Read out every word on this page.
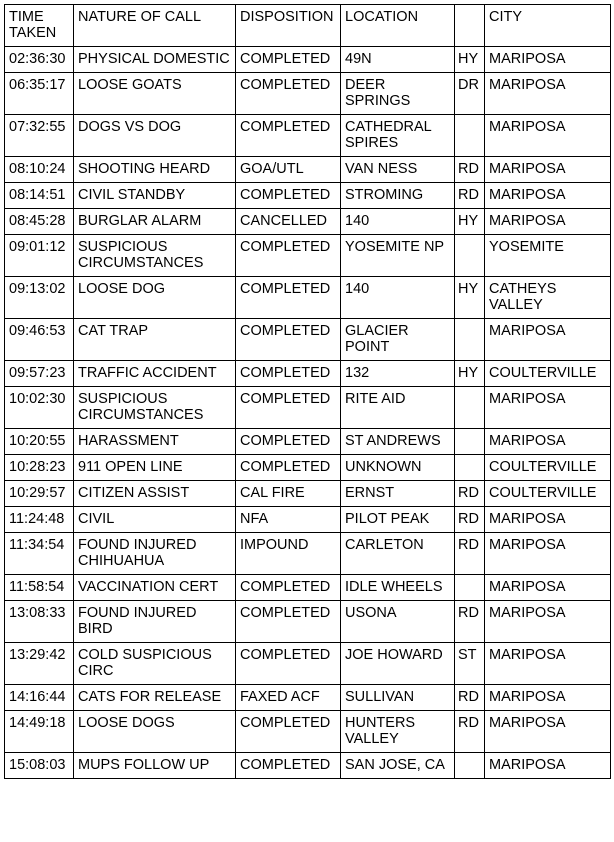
TIME TAKEN	NATURE OF CALL	DISPOSITION	LOCATION		CITY
02:36:30	PHYSICAL DOMESTIC	COMPLETED	49N	HY	MARIPOSA
06:35:17	LOOSE GOATS	COMPLETED	DEER SPRINGS	DR	MARIPOSA
07:32:55	DOGS VS DOG	COMPLETED	CATHEDRAL SPIRES		MARIPOSA
08:10:24	SHOOTING HEARD	GOA/UTL	VAN NESS	RD	MARIPOSA
08:14:51	CIVIL STANDBY	COMPLETED	STROMING	RD	MARIPOSA
08:45:28	BURGLAR ALARM	CANCELLED	140	HY	MARIPOSA
09:01:12	SUSPICIOUS CIRCUMSTANCES	COMPLETED	YOSEMITE NP		YOSEMITE
09:13:02	LOOSE DOG	COMPLETED	140	HY	CATHEYS VALLEY
09:46:53	CAT TRAP	COMPLETED	GLACIER POINT		MARIPOSA
09:57:23	TRAFFIC ACCIDENT	COMPLETED	132	HY	COULTERVILLE
10:02:30	SUSPICIOUS CIRCUMSTANCES	COMPLETED	RITE AID		MARIPOSA
10:20:55	HARASSMENT	COMPLETED	ST ANDREWS		MARIPOSA
10:28:23	911 OPEN LINE	COMPLETED	UNKNOWN		COULTERVILLE
10:29:57	CITIZEN ASSIST	CAL FIRE	ERNST	RD	COULTERVILLE
11:24:48	CIVIL	NFA	PILOT PEAK	RD	MARIPOSA
11:34:54	FOUND INJURED CHIHUAHUA	IMPOUND	CARLETON	RD	MARIPOSA
11:58:54	VACCINATION CERT	COMPLETED	IDLE WHEELS		MARIPOSA
13:08:33	FOUND INJURED BIRD	COMPLETED	USONA	RD	MARIPOSA
13:29:42	COLD SUSPICIOUS CIRC	COMPLETED	JOE HOWARD	ST	MARIPOSA
14:16:44	CATS FOR RELEASE	FAXED ACF	SULLIVAN	RD	MARIPOSA
14:49:18	LOOSE DOGS	COMPLETED	HUNTERS VALLEY	RD	MARIPOSA
15:08:03	MUPS FOLLOW UP	COMPLETED	SAN JOSE, CA		MARIPOSA
